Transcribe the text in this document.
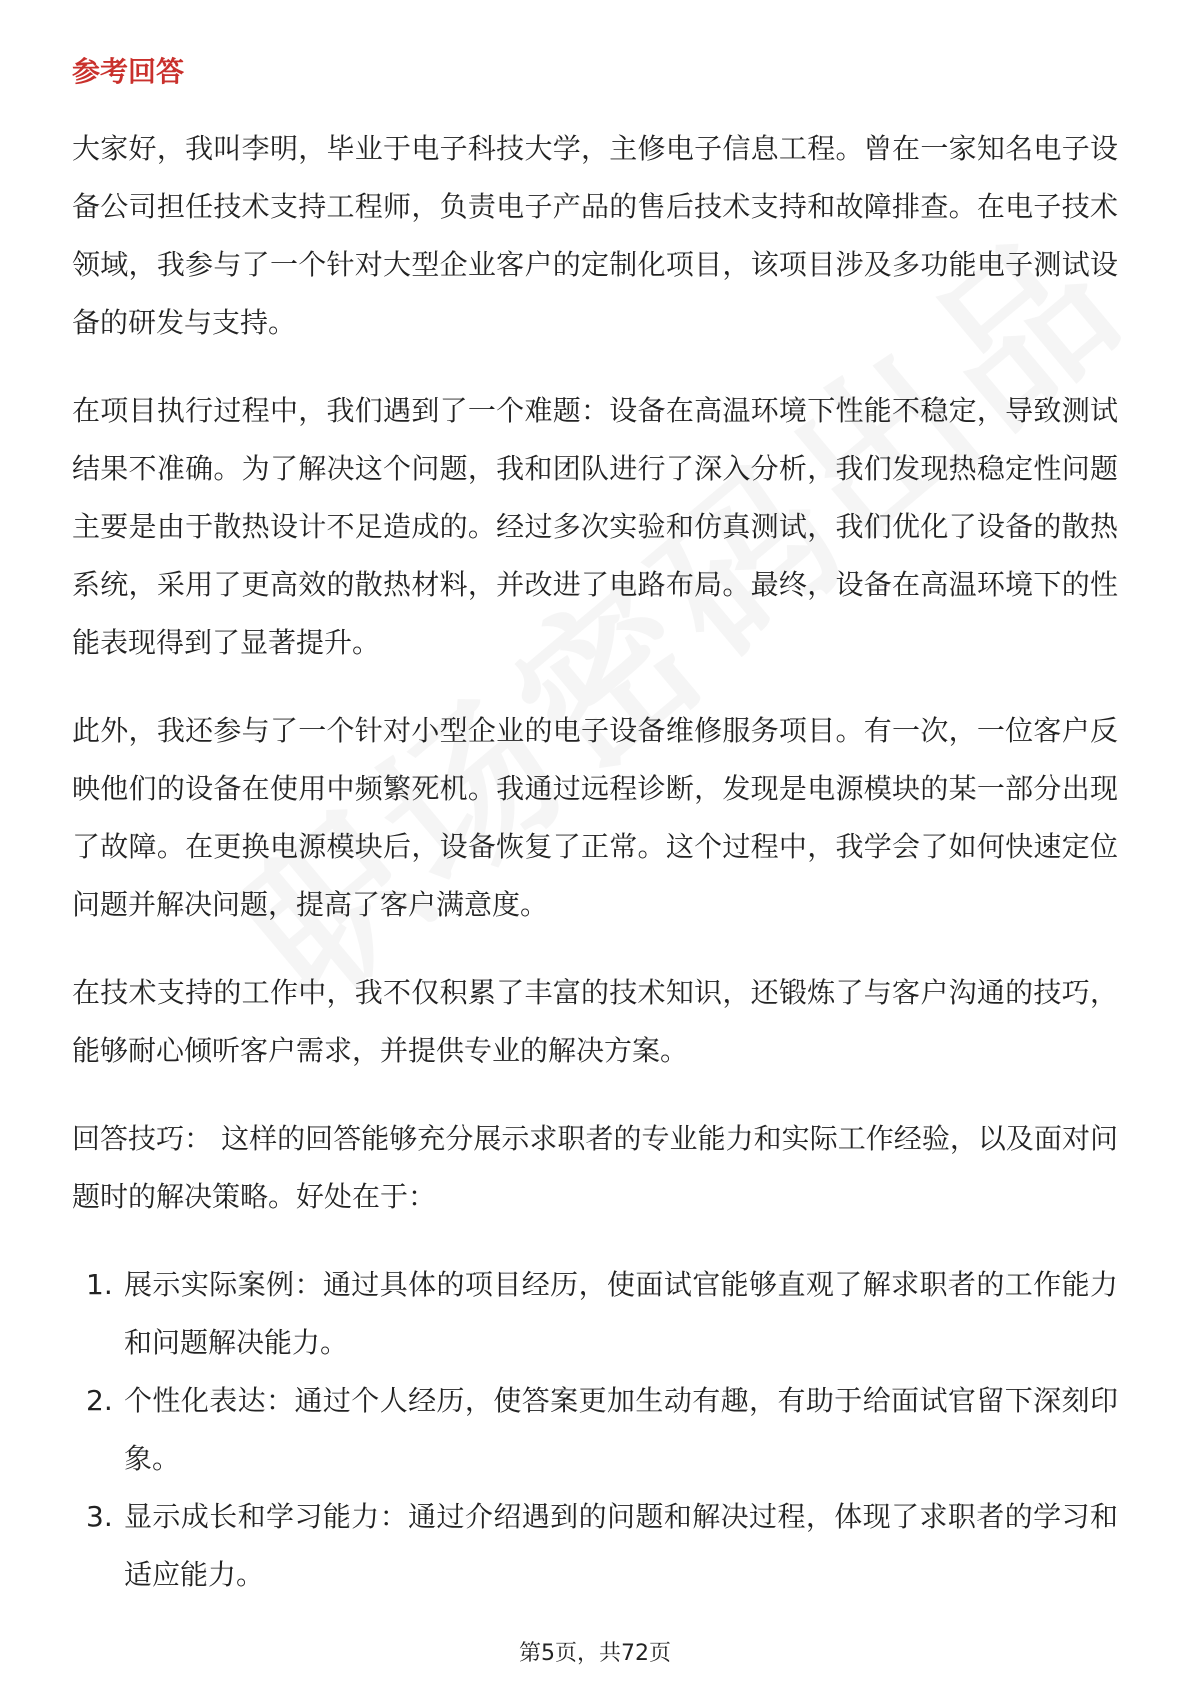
参考回答

大家好，我叫李明，毕业于电子科技大学，主修电子信息工程。曾在一家知名电子设备公司担任技术支持工程师，负责电子产品的售后技术支持和故障排查。在电子技术领域，我参与了一个针对大型企业客户的定制化项目，该项目涉及多功能电子测试设备的研发与支持。

在项目执行过程中，我们遇到了一个难题：设备在高温环境下性能不稳定，导致测试结果不准确。为了解决这个问题，我和团队进行了深入分析，我们发现热稳定性问题主要是由于散热设计不足造成的。经过多次实验和仿真测试，我们优化了设备的散热系统，采用了更高效的散热材料，并改进了电路布局。最终，设备在高温环境下的性能表现得到了显著提升。

此外，我还参与了一个针对小型企业的电子设备维修服务项目。有一次，一位客户反映他们的设备在使用中频繁死机。我通过远程诊断，发现是电源模块的某一部分出现了故障。在更换电源模块后，设备恢复了正常。这个过程中，我学会了如何快速定位问题并解决问题，提高了客户满意度。

在技术支持的工作中，我不仅积累了丰富的技术知识，还锻炼了与客户沟通的技巧，能够耐心倾听客户需求，并提供专业的解决方案。

回答技巧： 这样的回答能够充分展示求职者的专业能力和实际工作经验，以及面对问题时的解决策略。好处在于：

1. 展示实际案例：通过具体的项目经历，使面试官能够直观了解求职者的工作能力和问题解决能力。
2. 个性化表达：通过个人经历，使答案更加生动有趣，有助于给面试官留下深刻印象。
3. 显示成长和学习能力：通过介绍遇到的问题和解决过程，体现了求职者的学习和适应能力。
第5页，共72页
